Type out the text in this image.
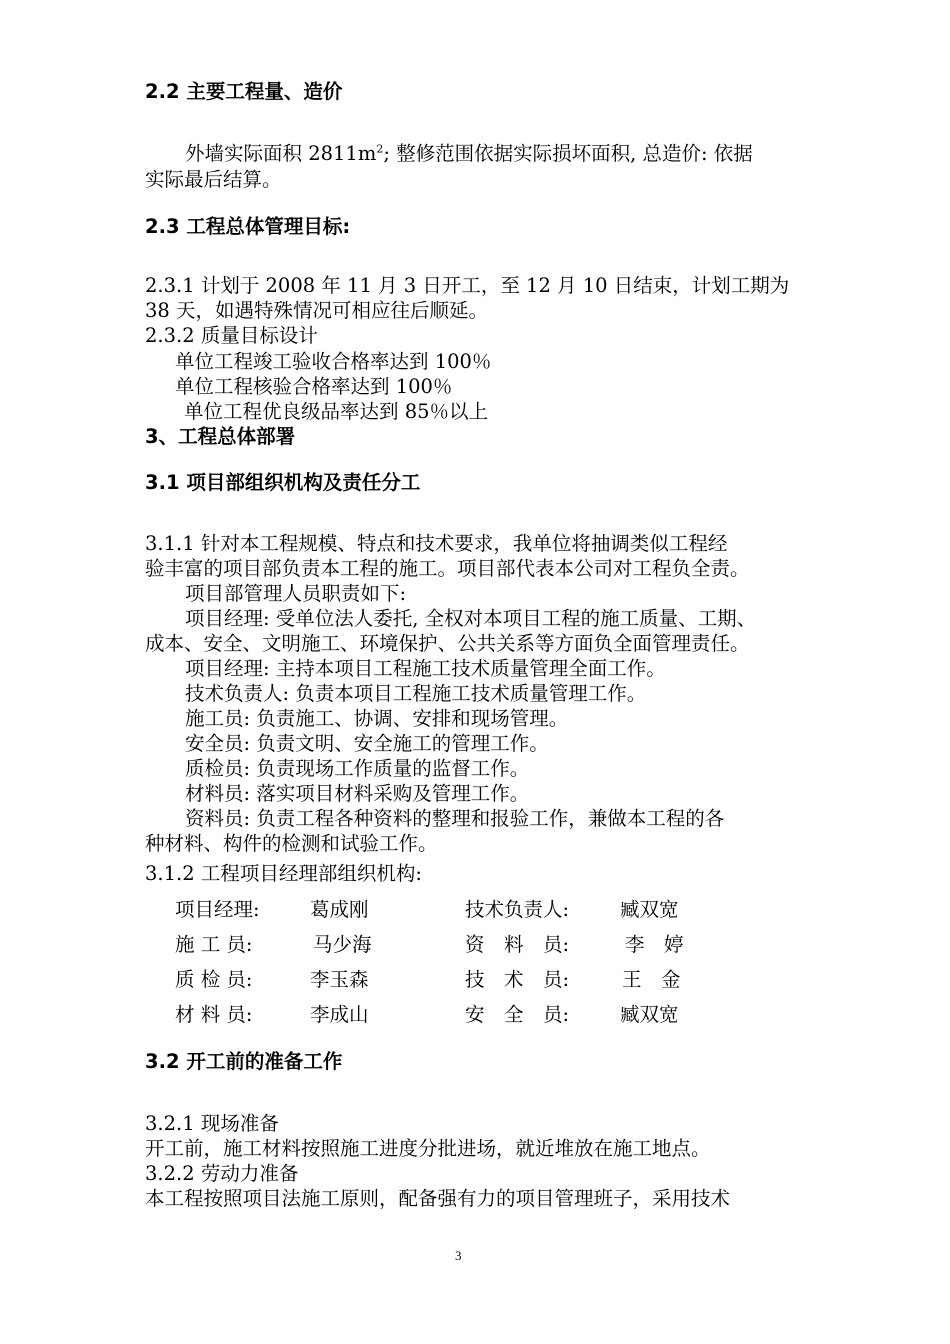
2.2 主要工程量、造价
外墙实际面积 $2811m^2$; 整修范围依据实际损坏面积, 总造价: 依据
实际最后结算。
2.3 工程总体管理目标:
2.3.1 计划于 2008 年 11 月 3 日开工，至 12 月 10 日结束，计划工期为
38 天，如遇特殊情况可相应往后顺延。
2.3.2 质量目标设计
单位工程竣工验收合格率达到 100％
单位工程核验合格率达到 100％
单位工程优良级品率达到 85％以上
3、工程总体部署
3.1 项目部组织机构及责任分工
3.1.1 针对本工程规模、特点和技术要求，我单位将抽调类似工程经
验丰富的项目部负责本工程的施工。项目部代表本公司对工程负全责。
项目部管理人员职责如下:
项目经理: 受单位法人委托, 全权对本项目工程的施工质量、工期、
成本、安全、文明施工、环境保护、公共关系等方面负全面管理责任。
项目经理: 主持本项目工程施工技术质量管理全面工作。
技术负责人: 负责本项目工程施工技术质量管理工作。
施工员: 负责施工、协调、安排和现场管理。
安全员: 负责文明、安全施工的管理工作。
质检员: 负责现场工作质量的监督工作。
材料员: 落实项目材料采购及管理工作。
资料员: 负责工程各种资料的整理和报验工作，兼做本工程的各
种材料、构件的检测和试验工作。
3.1.2 工程项目经理部组织机构:
项目经理:	葛成刚	技术负责人:	臧双宽
施 工 员:	马少海	资　料　员:	李　婷
质 检 员:	李玉森	技　术　员:	王　金
材 料 员:	李成山	安　全　员:	臧双宽
3.2 开工前的准备工作
3.2.1 现场准备
开工前，施工材料按照施工进度分批进场，就近堆放在施工地点。
3.2.2 劳动力准备
本工程按照项目法施工原则，配备强有力的项目管理班子，采用技术
3
